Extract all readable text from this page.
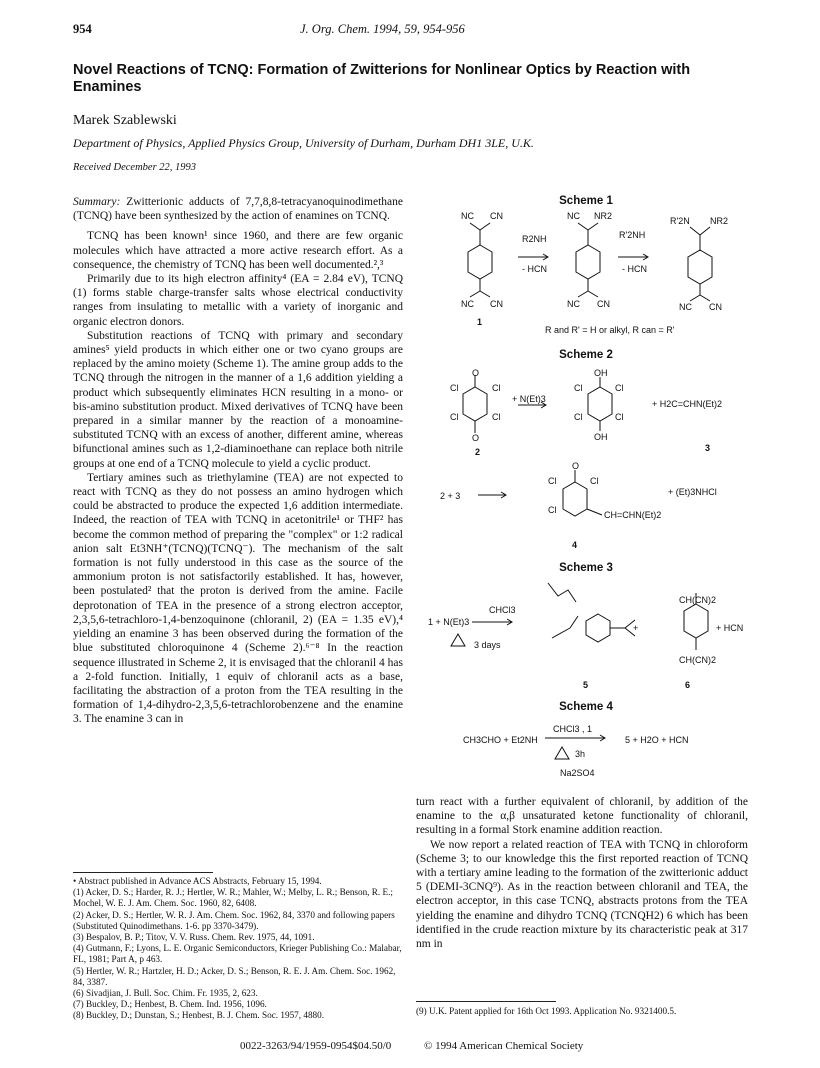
954	J. Org. Chem. 1994, 59, 954-956
Novel Reactions of TCNQ: Formation of Zwitterions for Nonlinear Optics by Reaction with Enamines
Marek Szablewski
Department of Physics, Applied Physics Group, University of Durham, Durham DH1 3LE, U.K.
Received December 22, 1993

Summary: Zwitterionic adducts of 7,7,8,8-tetracyanoquinodimethane (TCNQ) have been synthesized by the action of enamines on TCNQ.

TCNQ has been known¹ since 1960, and there are few organic molecules which have attracted a more active research effort. As a consequence, the chemistry of TCNQ has been well documented.²,³

Primarily due to its high electron affinity⁴ (EA = 2.84 eV), TCNQ (1) forms stable charge-transfer salts whose electrical conductivity ranges from insulating to metallic with a variety of inorganic and organic electron donors.

Substitution reactions of TCNQ with primary and secondary amines⁵ yield products in which either one or two cyano groups are replaced by the amino moiety (Scheme 1). The amine group adds to the TCNQ through the nitrogen in the manner of a 1,6 addition yielding a product which subsequently eliminates HCN resulting in a mono- or bis-amino substitution product. Mixed derivatives of TCNQ have been prepared in a similar manner by the reaction of a monoamine-substituted TCNQ with an excess of another, different amine, whereas bifunctional amines such as 1,2-diaminoethane can replace both nitrile groups at one end of a TCNQ molecule to yield a cyclic product.

Tertiary amines such as triethylamine (TEA) are not expected to react with TCNQ as they do not possess an amino hydrogen which could be abstracted to produce the expected 1,6 addition intermediate. Indeed, the reaction of TEA with TCNQ in acetonitrile¹ or THF² has become the common method of preparing the "complex" or 1:2 radical anion salt Et3NH⁺(TCNQ)(TCNQ⁻). The mechanism of the salt formation is not fully understood in this case as the source of the ammonium proton is not satisfactorily established. It has, however, been postulated² that the proton is derived from the amine. Facile deprotonation of TEA in the presence of a strong electron acceptor, 2,3,5,6-tetrachloro-1,4-benzoquinone (chloranil, 2) (EA = 1.35 eV),⁴ yielding an enamine 3 has been observed during the formation of the blue substituted chloroquinone 4 (Scheme 2).⁶⁻⁸ In the reaction sequence illustrated in Scheme 2, it is envisaged that the chloranil 4 has a 2-fold function. Initially, 1 equiv of chloranil acts as a base, facilitating the abstraction of a proton from the TEA resulting in the formation of 1,4-dihydro-2,3,5,6-tetrachlorobenzene and the enamine 3. The enamine 3 can in

• Abstract published in Advance ACS Abstracts, February 15, 1994.

(1) Acker, D. S.; Harder, R. J.; Hertler, W. R.; Mahler, W.; Melby, L. R.; Benson, R. E.; Mochel, W. E. J. Am. Chem. Soc. 1960, 82, 6408.

(2) Acker, D. S.; Hertler, W. R. J. Am. Chem. Soc. 1962, 84, 3370 and following papers (Substituted Quinodimethans. 1-6. pp 3370-3479).

(3) Bespalov, B. P.; Titov, V. V. Russ. Chem. Rev. 1975, 44, 1091.

(4) Gutmann, F.; Lyons, L. E. Organic Semiconductors, Krieger Publishing Co.: Malabar, FL, 1981; Part A, p 463.

(5) Hertler, W. R.; Hartzler, H. D.; Acker, D. S.; Benson, R. E. J. Am. Chem. Soc. 1962, 84, 3387.

(6) Sivadjian, J. Bull. Soc. Chim. Fr. 1935, 2, 623.

(7) Buckley, D.; Henbest, B. Chem. Ind. 1956, 1096.

(8) Buckley, D.; Dunstan, S.; Henbest, B. J. Chem. Soc. 1957, 4880.

Scheme 1
NC CN
NC CN
R2NH
- HCN
NC NR2
NC CN
R'2NH
- HCN
R'2N NR2
NC CN
1
R and R' = H or alkyl, R can = R'
Scheme 2
O
Cl	Cl
Cl	Cl
O
+ N(Et)3
OH
Cl	Cl
Cl	Cl
OH
+ H2C=CHN(Et)2
2	3
2 + 3
O
Cl	Cl
Cl	CH=CHN(Et)2
+ (Et)3NHCl
4
Scheme 3
1 + N(Et)3
CHCl3
3 days
+
CH(CN)2
CH(CN)2
+ HCN
5	6
Scheme 4
CH3CHO + Et2NH
CHCl3 , 1
3h
Na2SO4
5 + H2O + HCN

turn react with a further equivalent of chloranil, by addition of the enamine to the α,β unsaturated ketone functionality of chloranil, resulting in a formal Stork enamine addition reaction.

We now report a related reaction of TEA with TCNQ in chloroform (Scheme 3; to our knowledge this the first reported reaction of TCNQ with a tertiary amine leading to the formation of the zwitterionic adduct 5 (DEMI-3CNQ⁹). As in the reaction between chloranil and TEA, the electron acceptor, in this case TCNQ, abstracts protons from the TEA yielding the enamine and dihydro TCNQ (TCNQH2) 6 which has been identified in the crude reaction mixture by its characteristic peak at 317 nm in

(9) U.K. Patent applied for 16th Oct 1993. Application No. 9321400.5.
0022-3263/94/1959-0954$04.50/0	© 1994 American Chemical Society
